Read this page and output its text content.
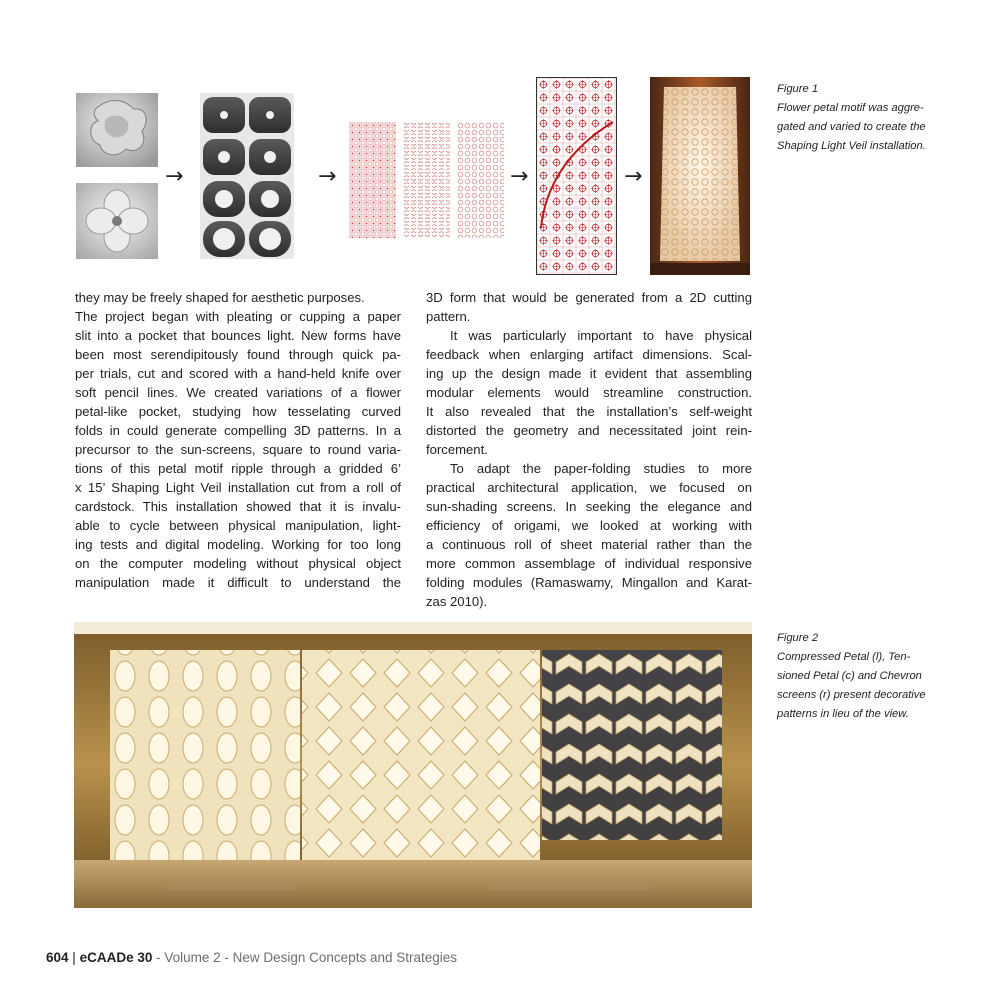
→	→	→	→
Figure 1
Flower petal motif was aggre-
gated and varied to create the
Shaping Light Veil installation.
they may be freely shaped for aesthetic purposes.
The project began with pleating or cupping a paper
slit into a pocket that bounces light. New forms have
been most serendipitously found through quick pa-
per trials, cut and scored with a hand-held knife over
soft pencil lines. We created variations of a flower
petal-like pocket, studying how tesselating curved
folds in could generate compelling 3D patterns. In a
precursor to the sun-screens, square to round varia-
tions of this petal motif ripple through a gridded 6’
x 15’ Shaping Light Veil installation cut from a roll of
cardstock. This installation showed that it is invalu-
able to cycle between physical manipulation, light-
ing tests and digital modeling. Working for too long
on the computer modeling without physical object
manipulation made it difficult to understand the
3D form that would be generated from a 2D cutting
pattern.
It was particularly important to have physical
feedback when enlarging artifact dimensions. Scal-
ing up the design made it evident that assembling
modular elements would streamline construction.
It also revealed that the installation’s self-weight
distorted the geometry and necessitated joint rein-
forcement.
To adapt the paper-folding studies to more
practical architectural application, we focused on
sun-shading screens. In seeking the elegance and
efficiency of origami, we looked at working with
a continuous roll of sheet material rather than the
more common assemblage of individual responsive
folding modules (Ramaswamy, Mingallon and Karat-
zas 2010).
Figure 2
Compressed Petal (l), Ten-
sioned Petal (c) and Chevron
screens (r) present decorative
patterns in lieu of the view.
604 | eCAADe 30 - Volume 2 - New Design Concepts and Strategies
